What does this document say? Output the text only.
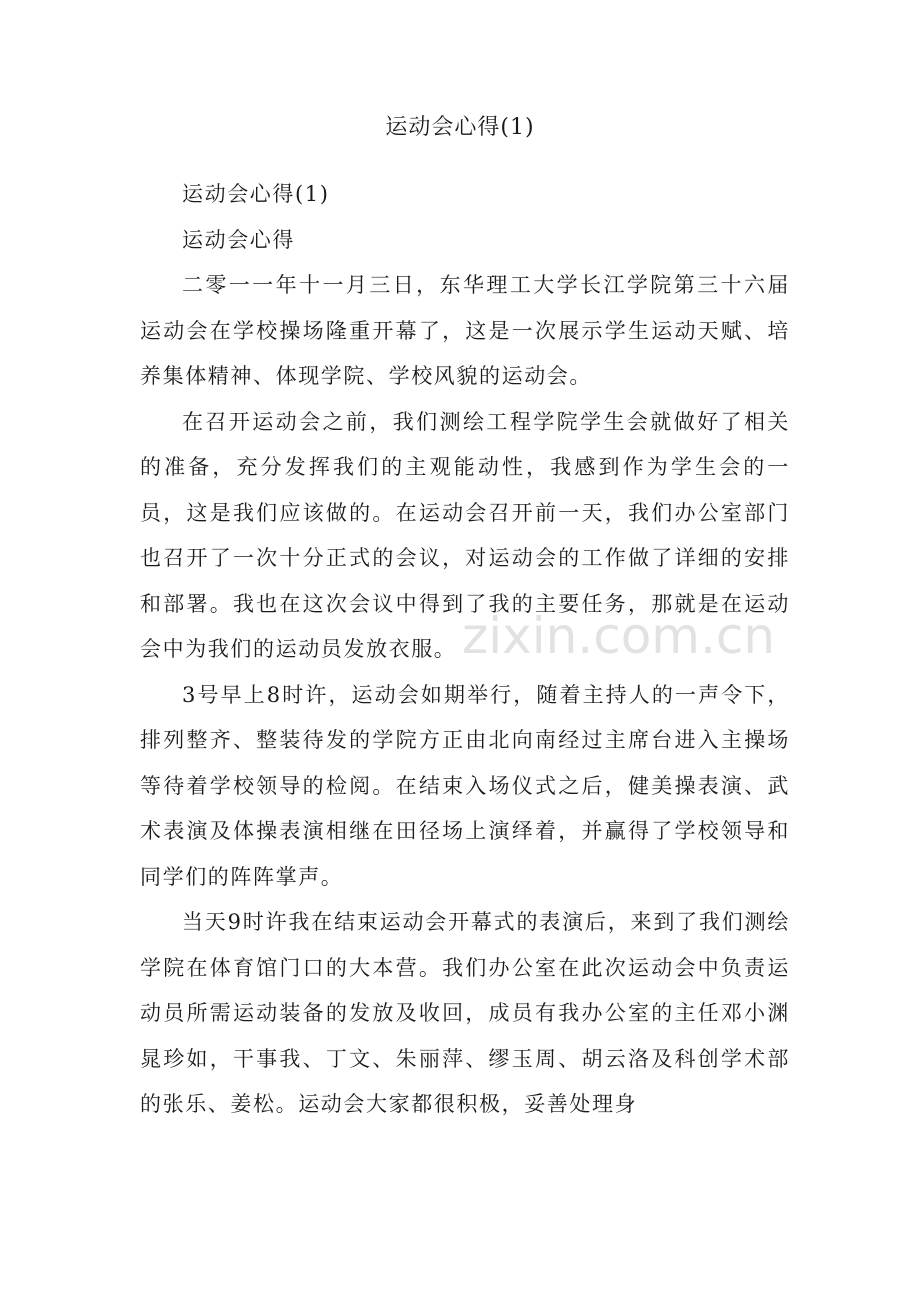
运动会心得(1)

运动会心得(1)

运动会心得

二零一一年十一月三日，东华理工大学长江学院第三十六届运动会在学校操场隆重开幕了，这是一次展示学生运动天赋、培养集体精神、体现学院、学校风貌的运动会。

在召开运动会之前，我们测绘工程学院学生会就做好了相关的准备，充分发挥我们的主观能动性，我感到作为学生会的一员，这是我们应该做的。在运动会召开前一天，我们办公室部门也召开了一次十分正式的会议，对运动会的工作做了详细的安排和部署。我也在这次会议中得到了我的主要任务，那就是在运动会中为我们的运动员发放衣服。

3号早上8时许，运动会如期举行，随着主持人的一声令下，排列整齐、整装待发的学院方正由北向南经过主席台进入主操场等待着学校领导的检阅。在结束入场仪式之后，健美操表演、武术表演及体操表演相继在田径场上演绎着，并赢得了学校领导和同学们的阵阵掌声。

当天9时许我在结束运动会开幕式的表演后，来到了我们测绘学院在体育馆门口的大本营。我们办公室在此次运动会中负责运动员所需运动装备的发放及收回，成员有我办公室的主任邓小渊晁珍如，干事我、丁文、朱丽萍、缪玉周、胡云洛及科创学术部的张乐、姜松。运动会大家都很积极，妥善处理身

zixin.com.cn
